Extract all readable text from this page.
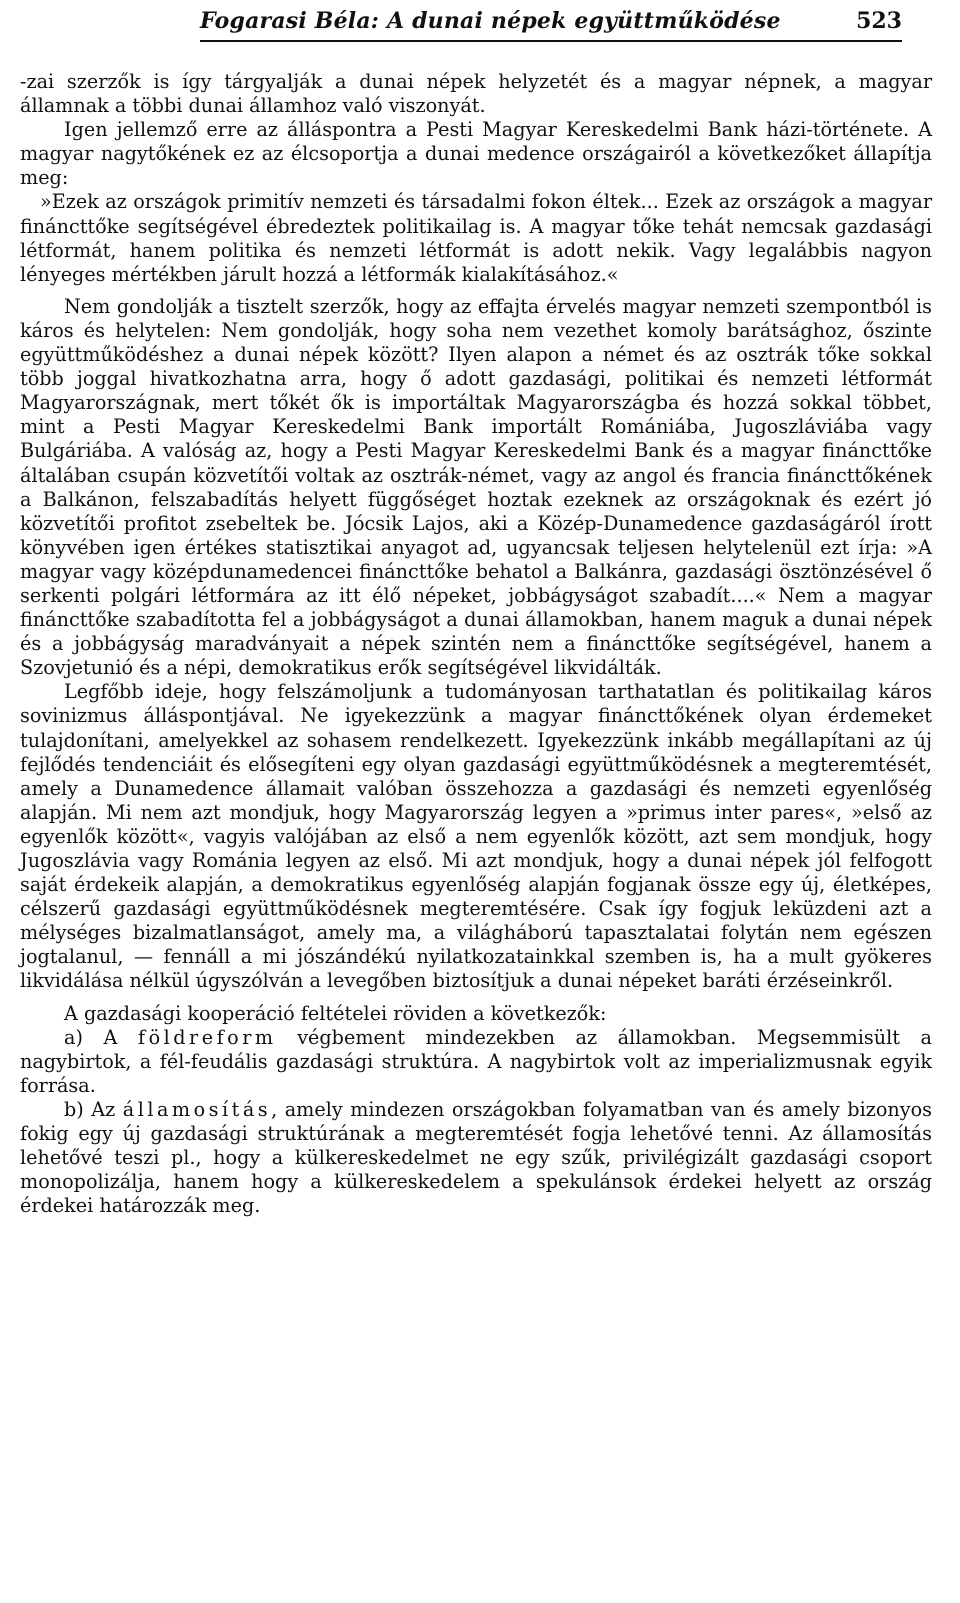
Fogarasi Béla: A dunai népek együttműködése	523

-zai szerzők is így tárgyalják a dunai népek helyzetét és a magyar népnek, a magyar államnak a többi dunai államhoz való viszonyát.

Igen jellemző erre az álláspontra a Pesti Magyar Kereskedelmi Bank házi-története. A magyar nagytőkének ez az élcsoportja a dunai medence országairól a következőket állapítja meg:

»Ezek az országok primitív nemzeti és társadalmi fokon éltek... Ezek az országok a magyar fináncttőke segítségével ébredeztek politikailag is. A magyar tőke tehát nemcsak gazdasági létformát, hanem politika és nemzeti létformát is adott nekik. Vagy legalábbis nagyon lényeges mértékben járult hozzá a létformák kialakításához.«

Nem gondolják a tisztelt szerzők, hogy az effajta érvelés magyar nemzeti szempontból is káros és helytelen: Nem gondolják, hogy soha nem vezethet komoly barátsághoz, őszinte együttműködéshez a dunai népek között? Ilyen alapon a német és az osztrák tőke sokkal több joggal hivatkozhatna arra, hogy ő adott gazdasági, politikai és nemzeti létformát Magyarországnak, mert tőkét ők is importáltak Magyarországba és hozzá sokkal többet, mint a Pesti Magyar Kereskedelmi Bank importált Romániába, Jugoszláviába vagy Bulgáriába. A valóság az, hogy a Pesti Magyar Kereskedelmi Bank és a magyar fináncttőke általában csupán közvetítői voltak az osztrák-német, vagy az angol és francia fináncttőkének a Balkánon, felszabadítás helyett függőséget hoztak ezeknek az országoknak és ezért jó közvetítői profitot zsebeltek be. Jócsik Lajos, aki a Közép-Dunamedence gazdaságáról írott könyvében igen értékes statisztikai anyagot ad, ugyancsak teljesen helytelenül ezt írja: »A magyar vagy középdunamedencei fináncttőke behatol a Balkánra, gazdasági ösztönzésével ő serkenti polgári létformára az itt élő népeket, jobbágyságot szabadít....« Nem a magyar fináncttőke szabadította fel a jobbágyságot a dunai államokban, hanem maguk a dunai népek és a jobbágyság maradványait a népek szintén nem a fináncttőke segítségével, hanem a Szovjetunió és a népi, demokratikus erők segítségével likvidálták.

Legfőbb ideje, hogy felszámoljunk a tudományosan tarthatatlan és politikailag káros sovinizmus álláspontjával. Ne igyekezzünk a magyar fináncttőkének olyan érdemeket tulajdonítani, amelyekkel az sohasem rendelkezett. Igyekezzünk inkább megállapítani az új fejlődés tendenciáit és elősegíteni egy olyan gazdasági együttműködésnek a megteremtését, amely a Dunamedence államait valóban összehozza a gazdasági és nemzeti egyenlőség alapján. Mi nem azt mondjuk, hogy Magyarország legyen a »primus inter pares«, »első az egyenlők között«, vagyis valójában az első a nem egyenlők között, azt sem mondjuk, hogy Jugoszlávia vagy Románia legyen az első. Mi azt mondjuk, hogy a dunai népek jól felfogott saját érdekeik alapján, a demokratikus egyenlőség alapján fogjanak össze egy új, életképes, célszerű gazdasági együttműködésnek megteremtésére. Csak így fogjuk leküzdeni azt a mélységes bizalmatlanságot, amely ma, a világháború tapasztalatai folytán nem egészen jogtalanul, — fennáll a mi jószándékú nyilatkozatainkkal szemben is, ha a mult gyökeres likvidálása nélkül úgyszólván a levegőben biztosítjuk a dunai népeket baráti érzéseinkről.

A gazdasági kooperáció feltételei röviden a következők:

a) A földreform végbement mindezekben az államokban. Megsemmisült a nagybirtok, a fél-feudális gazdasági struktúra. A nagybirtok volt az imperializmusnak egyik forrása.

b) Az államosítás, amely mindezen országokban folyamatban van és amely bizonyos fokig egy új gazdasági struktúrának a megteremtését fogja lehetővé tenni. Az államosítás lehetővé teszi pl., hogy a külkereskedelmet ne egy szűk, privilégizált gazdasági csoport monopolizálja, hanem hogy a külkereskedelem a spekulánsok érdekei helyett az ország érdekei határozzák meg.
